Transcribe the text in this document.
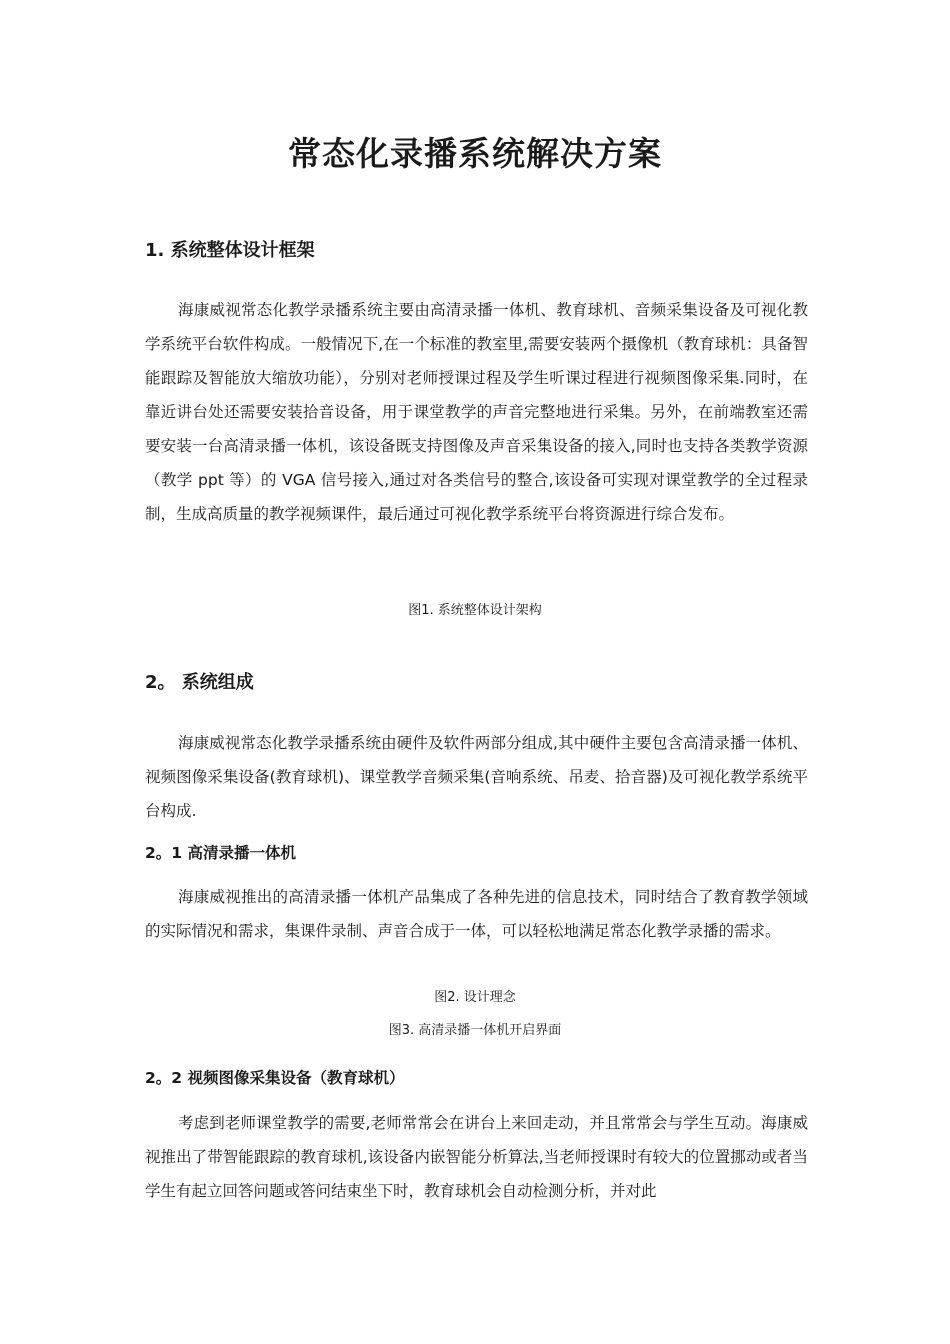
常态化录播系统解决方案
1. 系统整体设计框架

海康威视常态化教学录播系统主要由高清录播一体机、教育球机、音频采集设备及可视化教学系统平台软件构成。一般情况下,在一个标准的教室里,需要安装两个摄像机（教育球机：具备智能跟踪及智能放大缩放功能），分别对老师授课过程及学生听课过程进行视频图像采集.同时，在靠近讲台处还需要安装拾音设备，用于课堂教学的声音完整地进行采集。另外，在前端教室还需要安装一台高清录播一体机，该设备既支持图像及声音采集设备的接入,同时也支持各类教学资源（教学 ppt 等）的 VGA 信号接入,通过对各类信号的整合,该设备可实现对课堂教学的全过程录制，生成高质量的教学视频课件，最后通过可视化教学系统平台将资源进行综合发布。

图1. 系统整体设计架构

2。 系统组成

海康威视常态化教学录播系统由硬件及软件两部分组成,其中硬件主要包含高清录播一体机、视频图像采集设备(教育球机)、课堂教学音频采集(音响系统、吊麦、拾音器)及可视化教学系统平台构成.

2。1 高清录播一体机

海康威视推出的高清录播一体机产品集成了各种先进的信息技术，同时结合了教育教学领域的实际情况和需求，集课件录制、声音合成于一体，可以轻松地满足常态化教学录播的需求。

图2. 设计理念

图3. 高清录播一体机开启界面

2。2 视频图像采集设备（教育球机）

考虑到老师课堂教学的需要,老师常常会在讲台上来回走动，并且常常会与学生互动。海康威视推出了带智能跟踪的教育球机,该设备内嵌智能分析算法,当老师授课时有较大的位置挪动或者当学生有起立回答问题或答问结束坐下时，教育球机会自动检测分析，并对此
